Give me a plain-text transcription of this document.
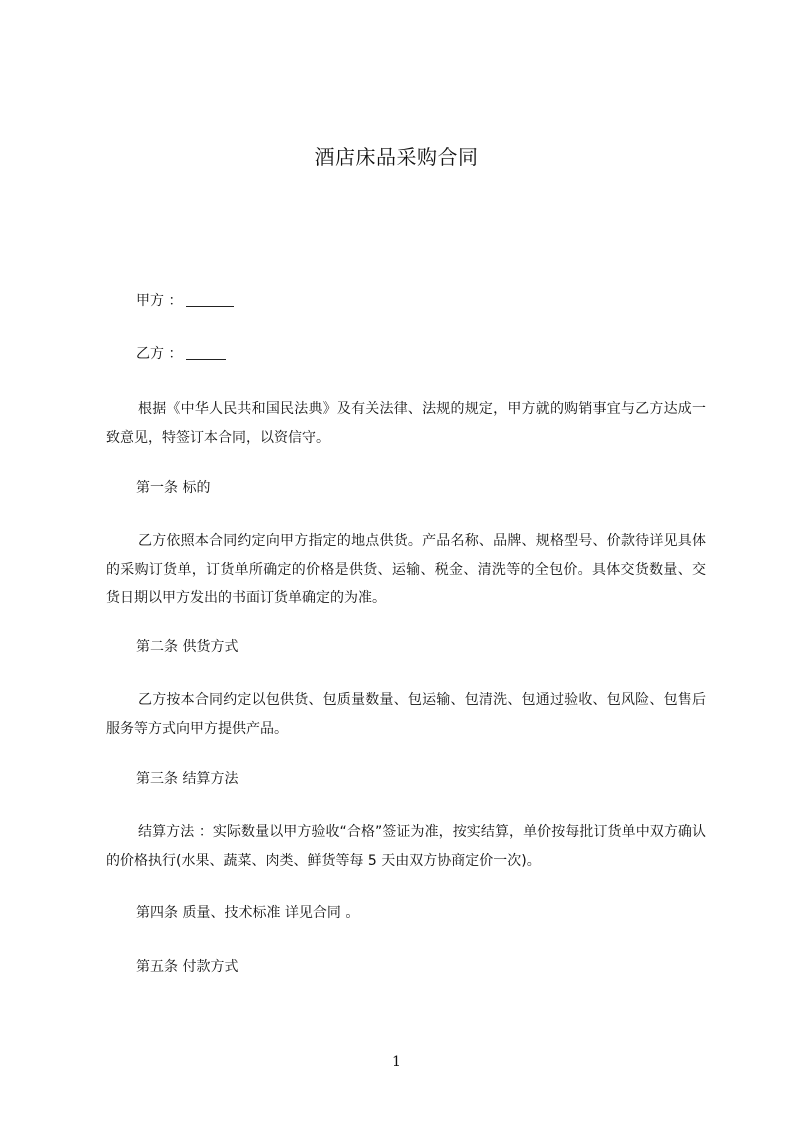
酒店床品采购合同
甲方 ：
乙方 ：
根据《中华人民共和国民法典》及有关法律、法规的规定，甲方就的购销事宜与乙方达成一致意见，特签订本合同，以资信守。
第一条 标的
乙方依照本合同约定向甲方指定的地点供货。产品名称、品牌、规格型号、价款待详见具体的采购订货单，订货单所确定的价格是供货、运输、税金、清洗等的全包价。具体交货数量、交货日期以甲方发出的书面订货单确定的为准。
第二条 供货方式
乙方按本合同约定以包供货、包质量数量、包运输、包清洗、包通过验收、包风险、包售后服务等方式向甲方提供产品。
第三条 结算方法
结算方法 ：实际数量以甲方验收“合格”签证为准，按实结算，单价按每批订货单中双方确认的价格执行(水果、蔬菜、肉类、鲜货等每 5 天由双方协商定价一次)。
第四条 质量、技术标准 详见合同 。
第五条 付款方式
1
